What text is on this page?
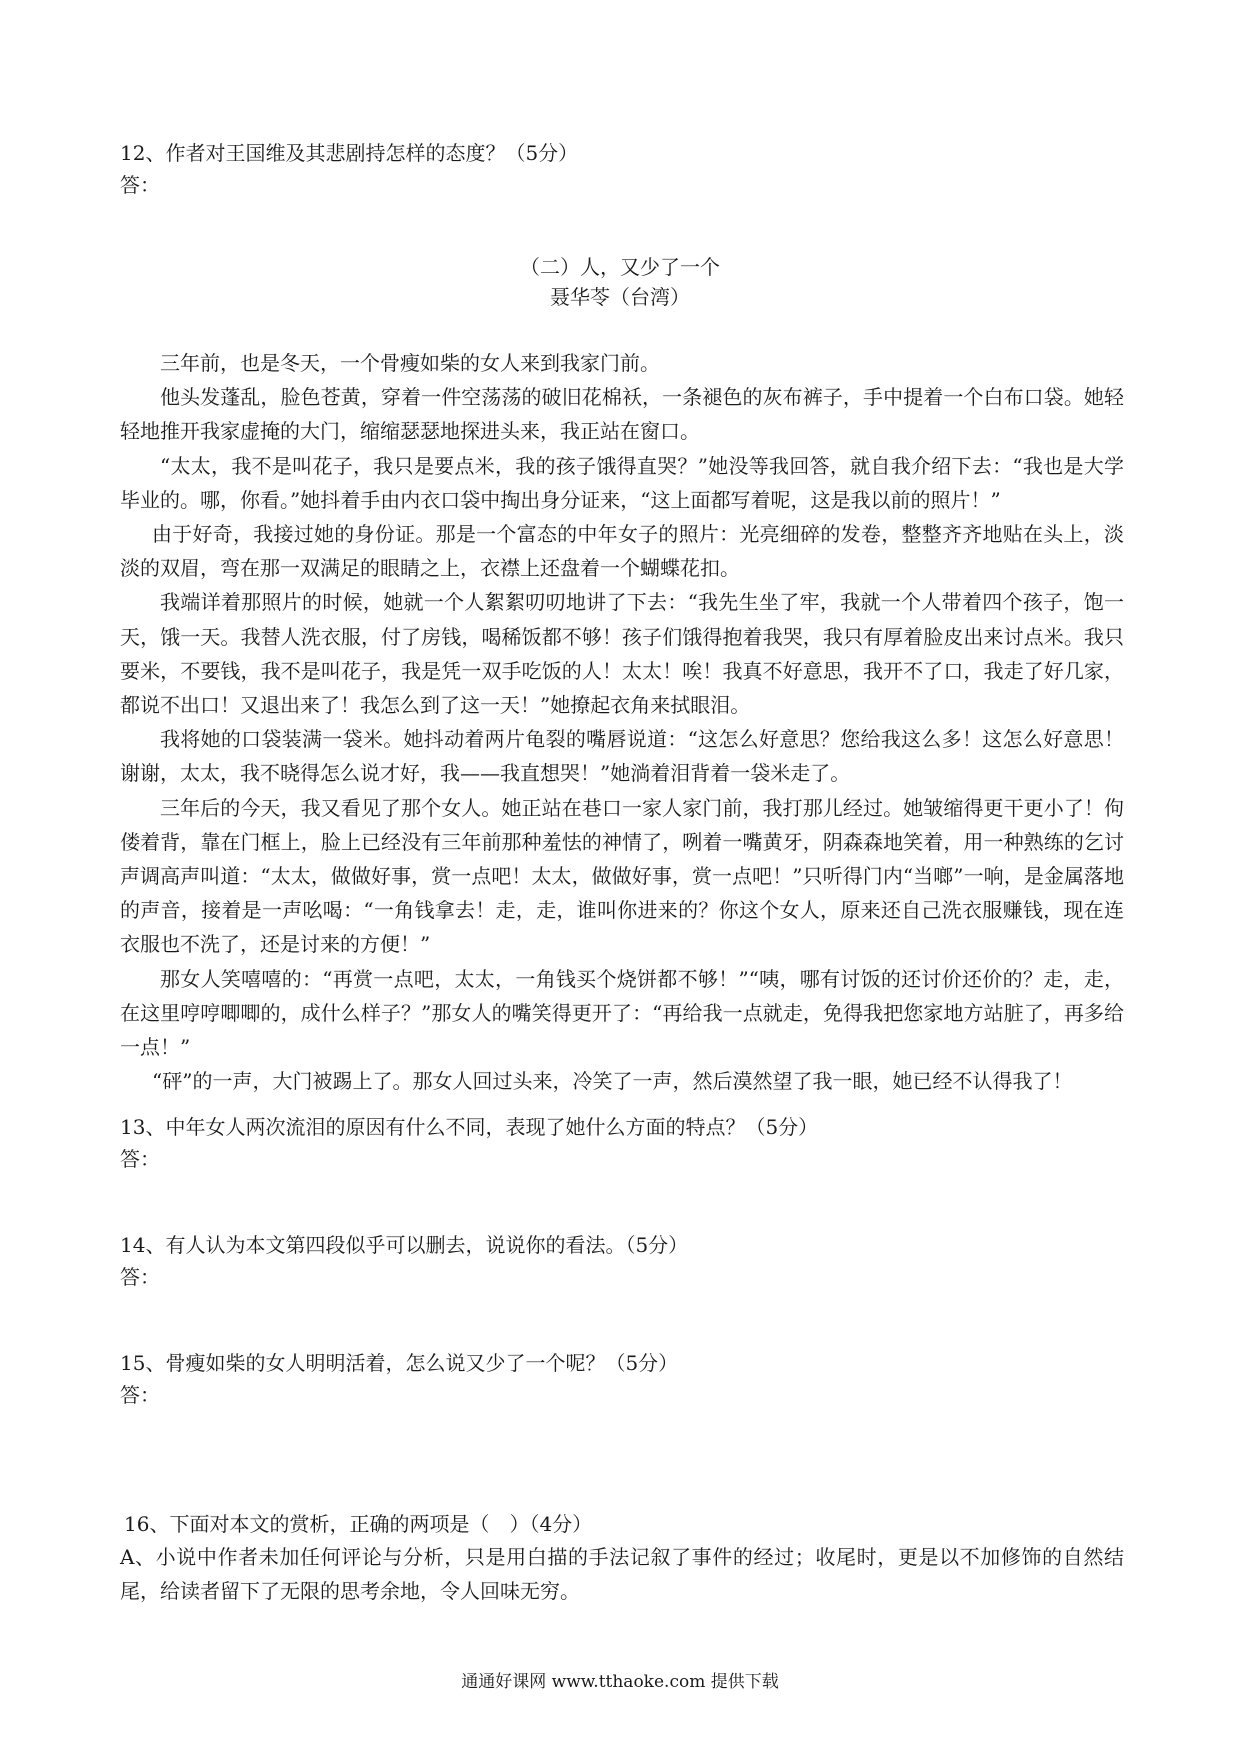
12、作者对王国维及其悲剧持怎样的态度？（5分）

答：

（二）人，又少了一个

聂华苓（台湾）

三年前，也是冬天，一个骨瘦如柴的女人来到我家门前。

他头发蓬乱，脸色苍黄，穿着一件空荡荡的破旧花棉袄，一条褪色的灰布裤子，手中提着一个白布口袋。她轻轻地推开我家虚掩的大门，缩缩瑟瑟地探进头来，我正站在窗口。

“太太，我不是叫花子，我只是要点米，我的孩子饿得直哭？”她没等我回答，就自我介绍下去：“我也是大学毕业的。哪，你看。”她抖着手由内衣口袋中掏出身分证来，“这上面都写着呢，这是我以前的照片！”

由于好奇，我接过她的身份证。那是一个富态的中年女子的照片：光亮细碎的发卷，整整齐齐地贴在头上，淡淡的双眉，弯在那一双满足的眼睛之上，衣襟上还盘着一个蝴蝶花扣。

我端详着那照片的时候，她就一个人絮絮叨叨地讲了下去：“我先生坐了牢，我就一个人带着四个孩子，饱一天，饿一天。我替人洗衣服，付了房钱，喝稀饭都不够！孩子们饿得抱着我哭，我只有厚着脸皮出来讨点米。我只要米，不要钱，我不是叫花子，我是凭一双手吃饭的人！太太！唉！我真不好意思，我开不了口，我走了好几家，都说不出口！又退出来了！我怎么到了这一天！”她撩起衣角来拭眼泪。

我将她的口袋装满一袋米。她抖动着两片龟裂的嘴唇说道：“这怎么好意思？您给我这么多！这怎么好意思！谢谢，太太，我不晓得怎么说才好，我——我直想哭！”她淌着泪背着一袋米走了。

三年后的今天，我又看见了那个女人。她正站在巷口一家人家门前，我打那儿经过。她皱缩得更干更小了！佝偻着背，靠在门框上，脸上已经没有三年前那种羞怯的神情了，咧着一嘴黄牙，阴森森地笑着，用一种熟练的乞讨声调高声叫道：“太太，做做好事，赏一点吧！太太，做做好事，赏一点吧！”只听得门内“当啷”一响，是金属落地的声音，接着是一声吆喝：“一角钱拿去！走，走，谁叫你进来的？你这个女人，原来还自己洗衣服赚钱，现在连衣服也不洗了，还是讨来的方便！”

那女人笑嘻嘻的：“再赏一点吧，太太，一角钱买个烧饼都不够！”“咦，哪有讨饭的还讨价还价的？走，走，在这里哼哼唧唧的，成什么样子？”那女人的嘴笑得更开了：“再给我一点就走，免得我把您家地方站脏了，再多给一点！”

“砰”的一声，大门被踢上了。那女人回过头来，冷笑了一声，然后漠然望了我一眼，她已经不认得我了！

13、中年女人两次流泪的原因有什么不同，表现了她什么方面的特点？（5分）

答：

14、有人认为本文第四段似乎可以删去，说说你的看法。（5分）

答：

15、骨瘦如柴的女人明明活着，怎么说又少了一个呢？（5分）

答：

16、下面对本文的赏析，正确的两项是（　）（4分）

A、小说中作者未加任何评论与分析，只是用白描的手法记叙了事件的经过；收尾时，更是以不加修饰的自然结尾，给读者留下了无限的思考余地，令人回味无穷。

通通好课网 www.tthaoke.com 提供下载
